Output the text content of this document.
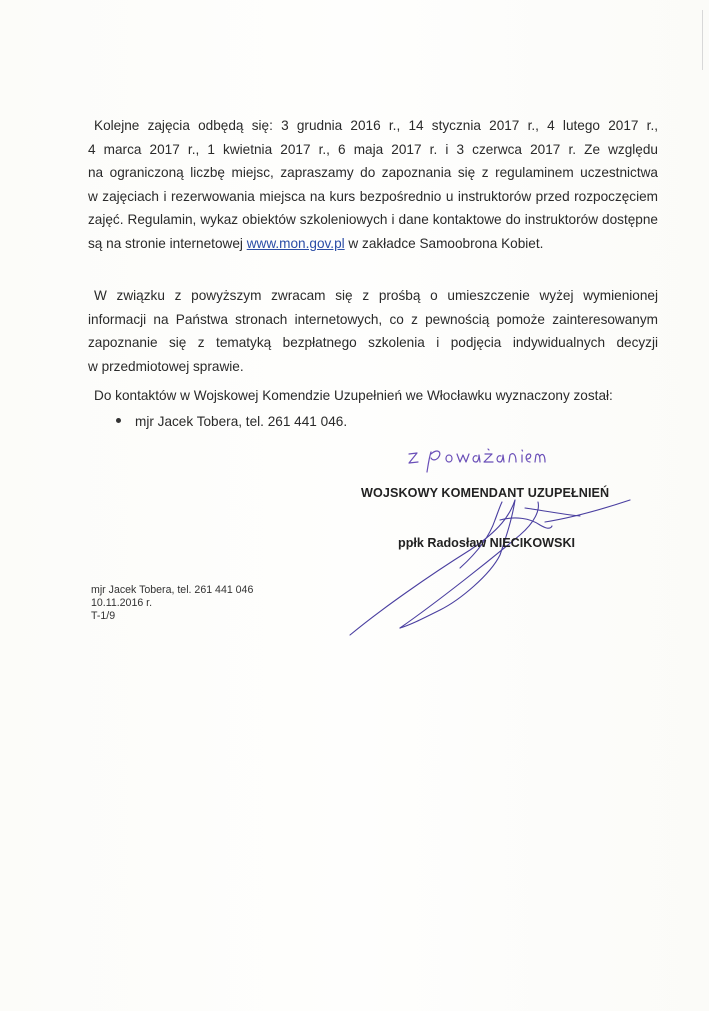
Kolejne zajęcia odbędą się: 3 grudnia 2016 r., 14 stycznia 2017 r., 4 lutego 2017 r.,
4 marca 2017 r., 1 kwietnia 2017 r., 6 maja 2017 r. i 3 czerwca 2017 r. Ze względu
na ograniczoną liczbę miejsc, zapraszamy do zapoznania się z regulaminem uczestnictwa
w zajęciach i rezerwowania miejsca na kurs bezpośrednio u instruktorów przed rozpoczęciem
zajęć. Regulamin, wykaz obiektów szkoleniowych i dane kontaktowe do instruktorów dostępne
są na stronie internetowej www.mon.gov.pl w zakładce Samoobrona Kobiet.
W związku z powyższym zwracam się z prośbą o umieszczenie wyżej wymienionej
informacji na Państwa stronach internetowych, co z pewnością pomoże zainteresowanym
zapoznanie się z tematyką bezpłatnego szkolenia i podjęcia indywidualnych decyzji
w przedmiotowej sprawie.
Do kontaktów w Wojskowej Komendzie Uzupełnień we Włocławku wyznaczony został:
mjr Jacek Tobera, tel. 261 441 046.
WOJSKOWY KOMENDANT UZUPEŁNIEŃ
ppłk Radosław NIECIKOWSKI
mjr Jacek Tobera, tel. 261 441 046
10.11.2016 r.
T-1/9
